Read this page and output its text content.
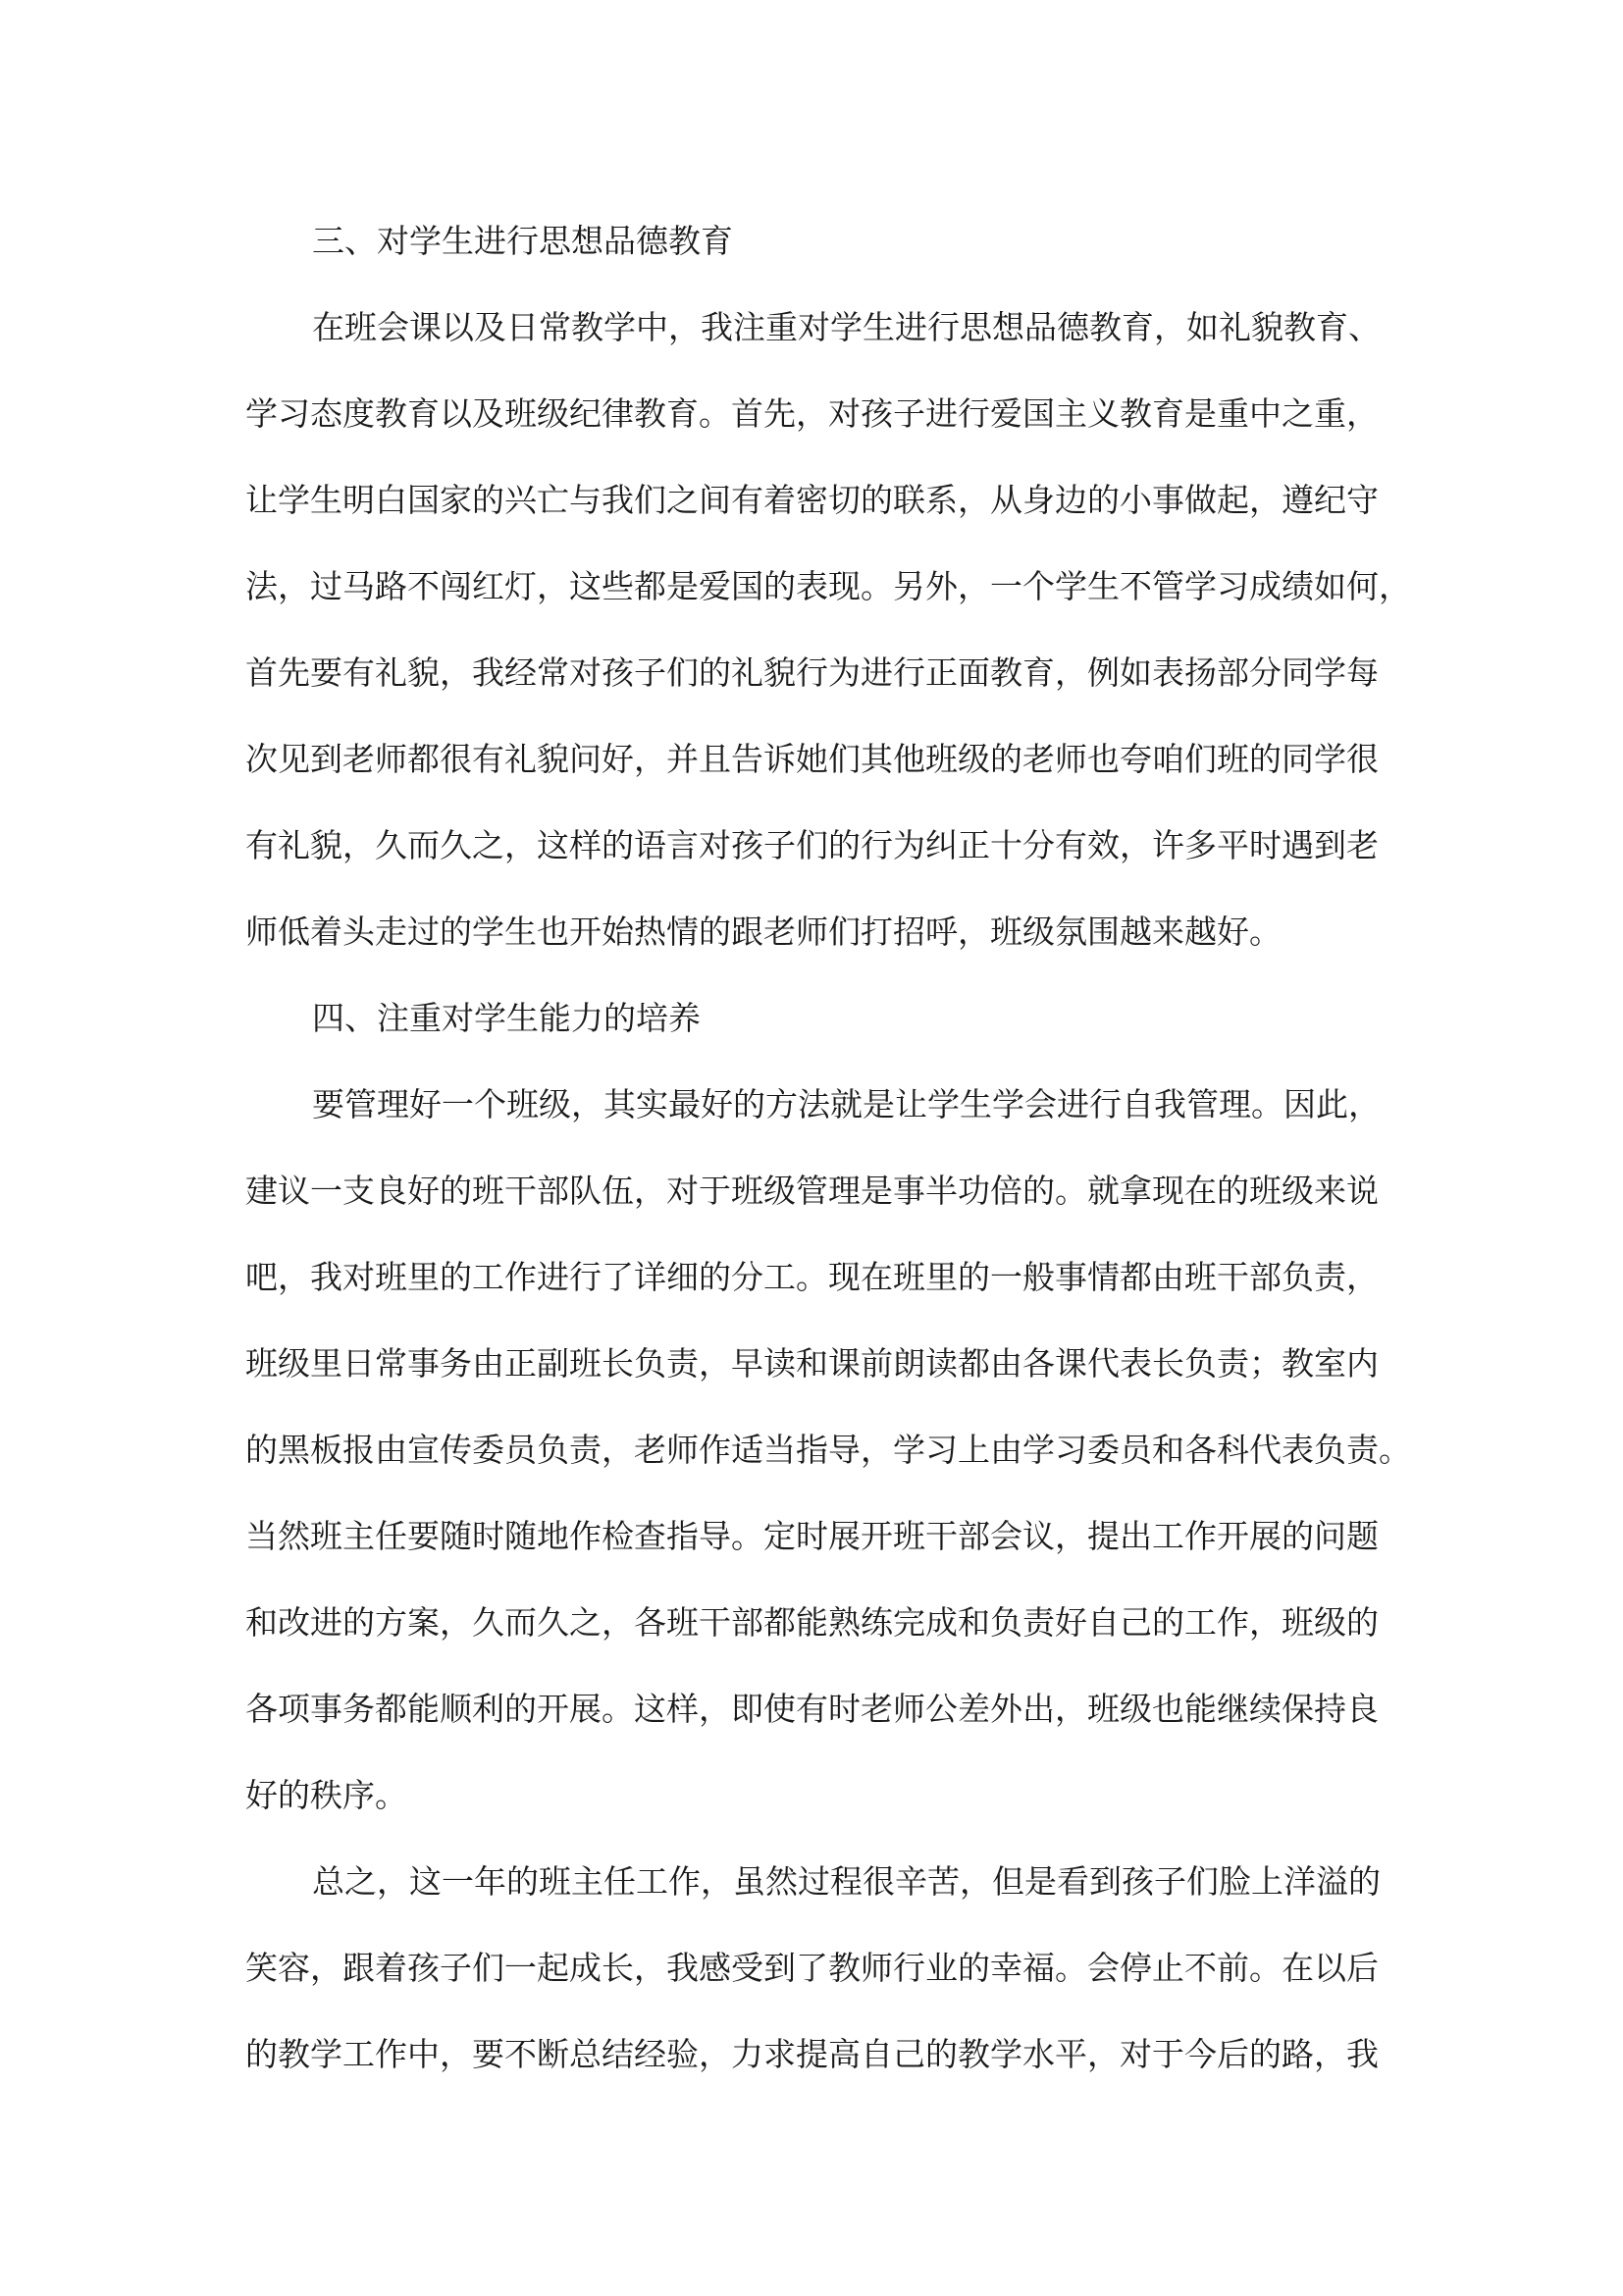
三、对学生进行思想品德教育
在班会课以及日常教学中，我注重对学生进行思想品德教育，如礼貌教育、
学习态度教育以及班级纪律教育。首先，对孩子进行爱国主义教育是重中之重，
让学生明白国家的兴亡与我们之间有着密切的联系，从身边的小事做起，遵纪守
法，过马路不闯红灯，这些都是爱国的表现。另外，一个学生不管学习成绩如何，
首先要有礼貌，我经常对孩子们的礼貌行为进行正面教育，例如表扬部分同学每
次见到老师都很有礼貌问好，并且告诉她们其他班级的老师也夸咱们班的同学很
有礼貌，久而久之，这样的语言对孩子们的行为纠正十分有效，许多平时遇到老
师低着头走过的学生也开始热情的跟老师们打招呼，班级氛围越来越好。
四、注重对学生能力的培养
要管理好一个班级，其实最好的方法就是让学生学会进行自我管理。因此，
建议一支良好的班干部队伍，对于班级管理是事半功倍的。就拿现在的班级来说
吧，我对班里的工作进行了详细的分工。现在班里的一般事情都由班干部负责，
班级里日常事务由正副班长负责，早读和课前朗读都由各课代表长负责；教室内
的黑板报由宣传委员负责，老师作适当指导，学习上由学习委员和各科代表负责。
当然班主任要随时随地作检查指导。定时展开班干部会议，提出工作开展的问题
和改进的方案，久而久之，各班干部都能熟练完成和负责好自己的工作，班级的
各项事务都能顺利的开展。这样，即使有时老师公差外出，班级也能继续保持良
好的秩序。
总之，这一年的班主任工作，虽然过程很辛苦，但是看到孩子们脸上洋溢的
笑容，跟着孩子们一起成长，我感受到了教师行业的幸福。会停止不前。在以后
的教学工作中，要不断总结经验，力求提高自己的教学水平，对于今后的路，我
